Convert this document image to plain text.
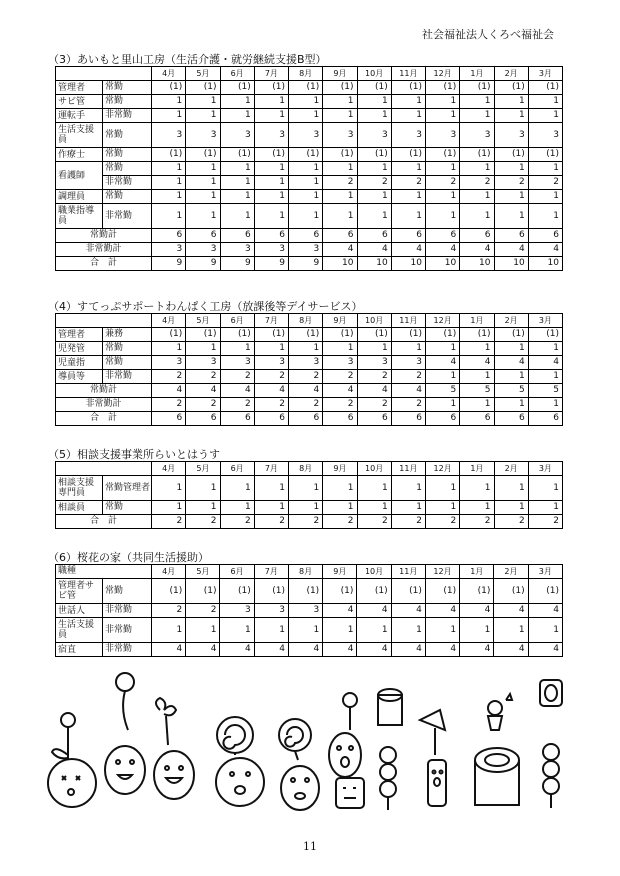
社会福祉法人くろべ福祉会
（3）あいもと里山工房（生活介護・就労継続支援B型）
		4月	5月	6月	7月	8月	9月	10月	11月	12月	1月	2月	3月
管理者	常勤	(1)	(1)	(1)	(1)	(1)	(1)	(1)	(1)	(1)	(1)	(1)	(1)
サビ管	常勤	1	1	1	1	1	1	1	1	1	1	1	1
運転手	非常勤	1	1	1	1	1	1	1	1	1	1	1	1
生活支援員	常勤	3	3	3	3	3	3	3	3	3	3	3	3
作療士	常勤	(1)	(1)	(1)	(1)	(1)	(1)	(1)	(1)	(1)	(1)	(1)	(1)
看護師	常勤	1	1	1	1	1	1	1	1	1	1	1	1
	非常勤	1	1	1	1	1	2	2	2	2	2	2	2
調理員	常勤	1	1	1	1	1	1	1	1	1	1	1	1
職業指導員	非常勤	1	1	1	1	1	1	1	1	1	1	1	1
常勤計		6	6	6	6	6	6	6	6	6	6	6	6
非常勤計		3	3	3	3	3	4	4	4	4	4	4	4
合　計		9	9	9	9	9	10	10	10	10	10	10	10
（4）すてっぷサポートわんぱく工房（放課後等デイサービス）
		4月	5月	6月	7月	8月	9月	10月	11月	12月	1月	2月	3月
管理者	兼務	(1)	(1)	(1)	(1)	(1)	(1)	(1)	(1)	(1)	(1)	(1)	(1)
児発管	常勤	1	1	1	1	1	1	1	1	1	1	1	1
児童指	常勤	3	3	3	3	3	3	3	3	4	4	4	4
導員等	非常勤	2	2	2	2	2	2	2	2	1	1	1	1
常勤計		4	4	4	4	4	4	4	4	5	5	5	5
非常勤計		2	2	2	2	2	2	2	2	1	1	1	1
合　計		6	6	6	6	6	6	6	6	6	6	6	6
（5）相談支援事業所らいとはうす
		4月	5月	6月	7月	8月	9月	10月	11月	12月	1月	2月	3月
相談支援専門員	常勤管理者	1	1	1	1	1	1	1	1	1	1	1	1
相談員	常勤	1	1	1	1	1	1	1	1	1	1	1	1
合　計		2	2	2	2	2	2	2	2	2	2	2	2
（6）桜花の家（共同生活援助）
職種		4月	5月	6月	7月	8月	9月	10月	11月	12月	1月	2月	3月
管理者サビ管	常勤	(1)	(1)	(1)	(1)	(1)	(1)	(1)	(1)	(1)	(1)	(1)	(1)
世話人	非常勤	2	2	3	3	3	4	4	4	4	4	4	4
生活支援員	非常勤	1	1	1	1	1	1	1	1	1	1	1	1
宿直	非常勤	4	4	4	4	4	4	4	4	4	4	4	4
11
